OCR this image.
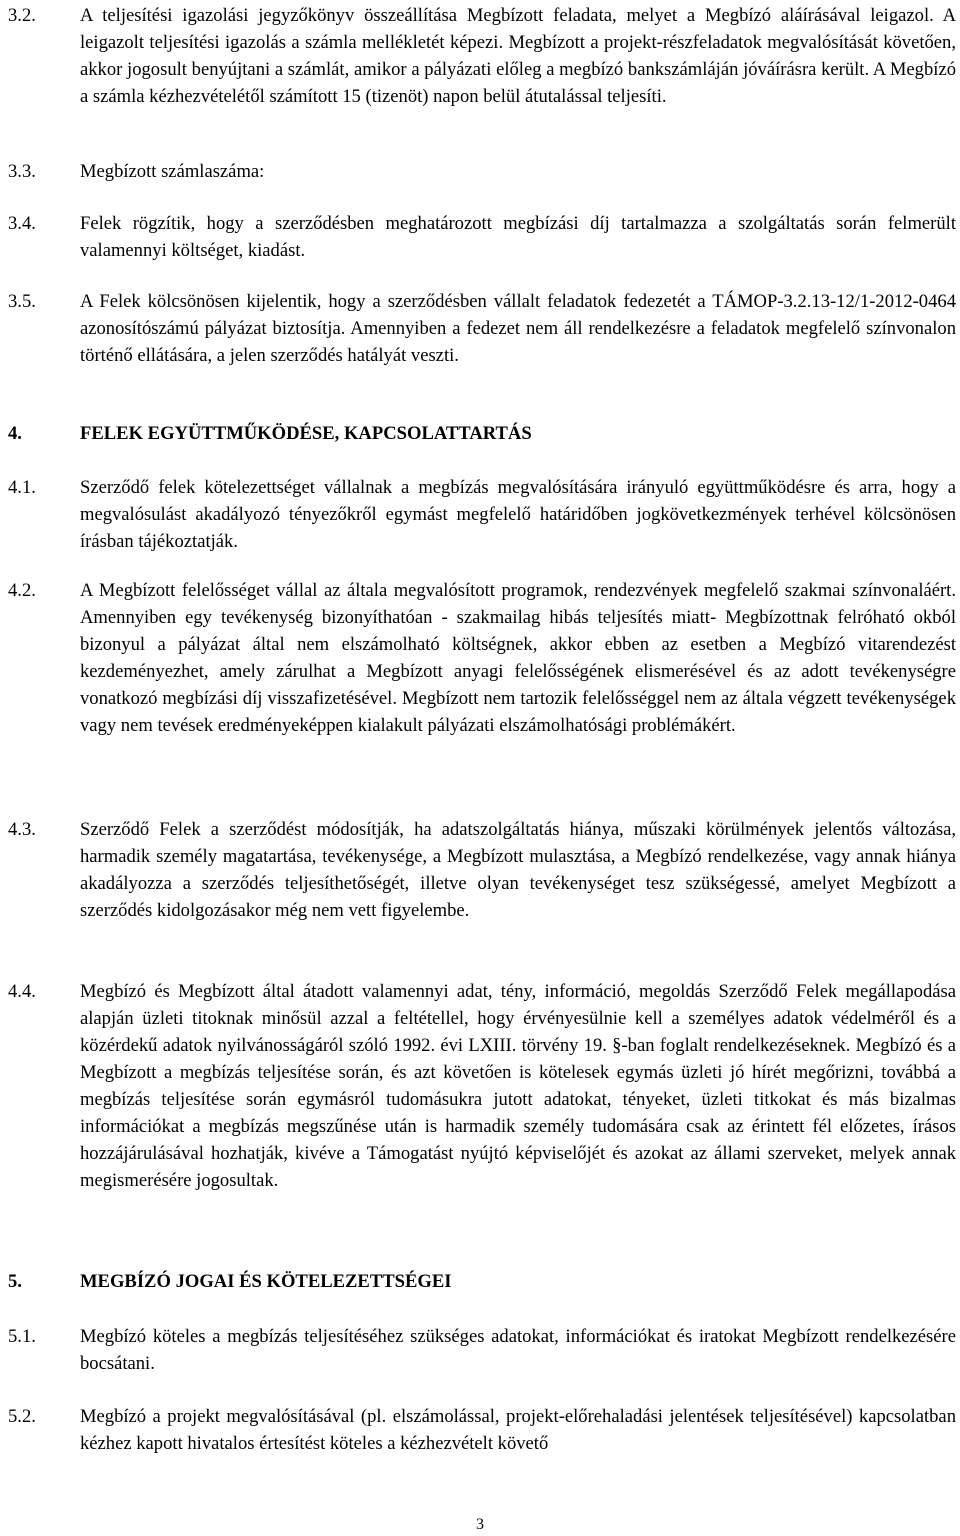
3.2.	A teljesítési igazolási jegyzőkönyv összeállítása Megbízott feladata, melyet a Megbízó aláírásával leigazol. A leigazolt teljesítési igazolás a számla mellékletét képezi. Megbízott a projekt-részfeladatok megvalósítását követően, akkor jogosult benyújtani a számlát, amikor a pályázati előleg a megbízó bankszámláján jóváírásra került. A Megbízó a számla kézhezvételétől számított 15 (tizenöt) napon belül átutalással teljesíti.
3.3.	Megbízott számlaszáma:
3.4.	Felek rögzítik, hogy a szerződésben meghatározott megbízási díj tartalmazza a szolgáltatás során felmerült valamennyi költséget, kiadást.
3.5.	A Felek kölcsönösen kijelentik, hogy a szerződésben vállalt feladatok fedezetét a TÁMOP-3.2.13-12/1-2012-0464 azonosítószámú pályázat biztosítja. Amennyiben a fedezet nem áll rendelkezésre a feladatok megfelelő színvonalon történő ellátására, a jelen szerződés hatályát veszti.
4.	FELEK EGYÜTTMŰKÖDÉSE, KAPCSOLATTARTÁS
4.1.	Szerződő felek kötelezettséget vállalnak a megbízás megvalósítására irányuló együttműködésre és arra, hogy a megvalósulást akadályozó tényezőkről egymást megfelelő határidőben jogkövetkezmények terhével kölcsönösen írásban tájékoztatják.
4.2.	A Megbízott felelősséget vállal az általa megvalósított programok, rendezvények megfelelő szakmai színvonaláért. Amennyiben egy tevékenység bizonyíthatóan - szakmailag hibás teljesítés miatt- Megbízottnak felróható okból bizonyul a pályázat által nem elszámolható költségnek, akkor ebben az esetben a Megbízó vitarendezést kezdeményezhet, amely zárulhat a Megbízott anyagi felelősségének elismerésével és az adott tevékenységre vonatkozó megbízási díj visszafizetésével. Megbízott nem tartozik felelősséggel nem az általa végzett tevékenységek vagy nem tevések eredményeképpen kialakult pályázati elszámolhatósági problémákért.
4.3.	Szerződő Felek a szerződést módosítják, ha adatszolgáltatás hiánya, műszaki körülmények jelentős változása, harmadik személy magatartása, tevékenysége, a Megbízott mulasztása, a Megbízó rendelkezése, vagy annak hiánya akadályozza a szerződés teljesíthetőségét, illetve olyan tevékenységet tesz szükségessé, amelyet Megbízott a szerződés kidolgozásakor még nem vett figyelembe.
4.4.	Megbízó és Megbízott által átadott valamennyi adat, tény, információ, megoldás Szerződő Felek megállapodása alapján üzleti titoknak minősül azzal a feltétellel, hogy érvényesülnie kell a személyes adatok védelméről és a közérdekű adatok nyilvánosságáról szóló 1992. évi LXIII. törvény 19. §-ban foglalt rendelkezéseknek. Megbízó és a Megbízott a megbízás teljesítése során, és azt követően is kötelesek egymás üzleti jó hírét megőrizni, továbbá a megbízás teljesítése során egymásról tudomásukra jutott adatokat, tényeket, üzleti titkokat és más bizalmas információkat a megbízás megszűnése után is harmadik személy tudomására csak az érintett fél előzetes, írásos hozzájárulásával hozhatják, kivéve a Támogatást nyújtó képviselőjét és azokat az állami szerveket, melyek annak megismerésére jogosultak.
5.	MEGBÍZÓ JOGAI ÉS KÖTELEZETTSÉGEI
5.1.	Megbízó köteles a megbízás teljesítéséhez szükséges adatokat, információkat és iratokat Megbízott rendelkezésére bocsátani.
5.2.	Megbízó a projekt megvalósításával (pl. elszámolással, projekt-előrehaladási jelentések teljesítésével) kapcsolatban kézhez kapott hivatalos értesítést köteles a kézhezvételt követő
3
